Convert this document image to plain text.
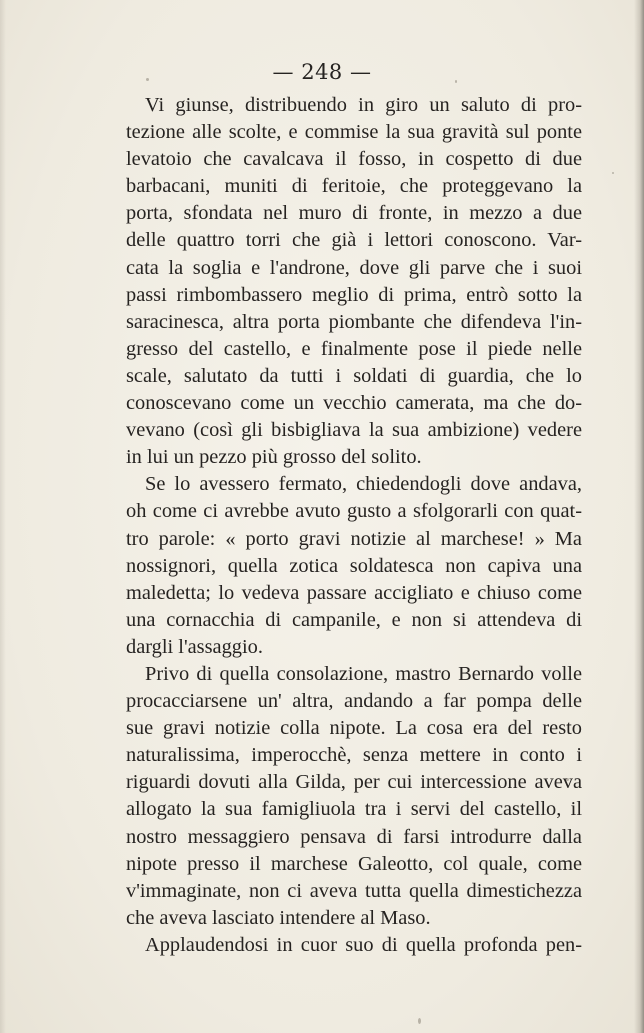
— 248 —
Vi giunse, distribuendo in giro un saluto di pro-
tezione alle scolte, e commise la sua gravità sul ponte
levatoio che cavalcava il fosso, in cospetto di due
barbacani, muniti di feritoie, che proteggevano la
porta, sfondata nel muro di fronte, in mezzo a due
delle quattro torri che già i lettori conoscono. Var-
cata la soglia e l'androne, dove gli parve che i suoi
passi rimbombassero meglio di prima, entrò sotto la
saracinesca, altra porta piombante che difendeva l'in-
gresso del castello, e finalmente pose il piede nelle
scale, salutato da tutti i soldati di guardia, che lo
conoscevano come un vecchio camerata, ma che do-
vevano (così gli bisbigliava la sua ambizione) vedere
in lui un pezzo più grosso del solito.
Se lo avessero fermato, chiedendogli dove andava,
oh come ci avrebbe avuto gusto a sfolgorarli con quat-
tro parole: « porto gravi notizie al marchese! » Ma
nossignori, quella zotica soldatesca non capiva una
maledetta; lo vedeva passare accigliato e chiuso come
una cornacchia di campanile, e non si attendeva di
dargli l'assaggio.
Privo di quella consolazione, mastro Bernardo volle
procacciarsene un' altra, andando a far pompa delle
sue gravi notizie colla nipote. La cosa era del resto
naturalissima, imperocchè, senza mettere in conto i
riguardi dovuti alla Gilda, per cui intercessione aveva
allogato la sua famigliuola tra i servi del castello, il
nostro messaggiero pensava di farsi introdurre dalla
nipote presso il marchese Galeotto, col quale, come
v'immaginate, non ci aveva tutta quella dimestichezza
che aveva lasciato intendere al Maso.
Applaudendosi in cuor suo di quella profonda pen-
